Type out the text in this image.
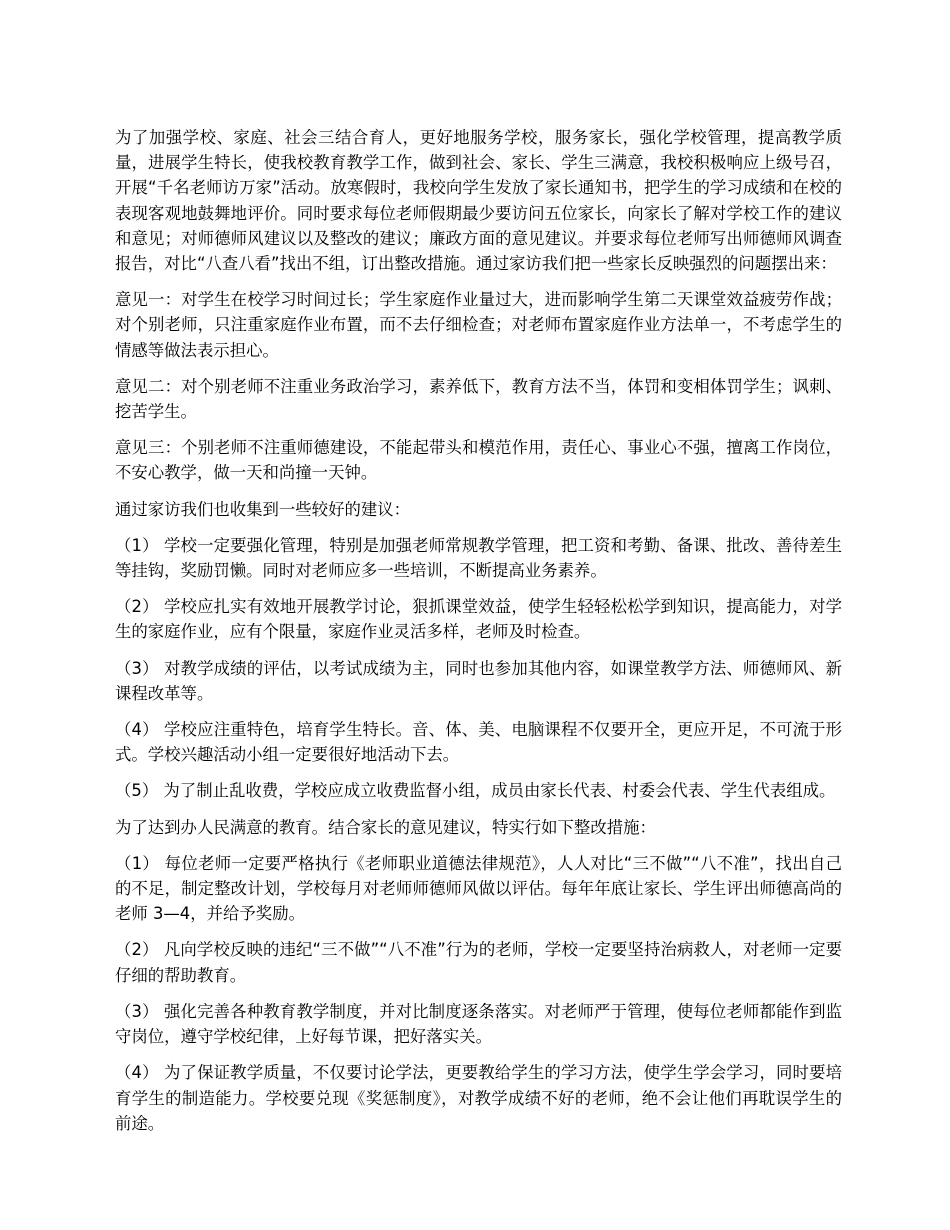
为了加强学校、家庭、社会三结合育人，更好地服务学校，服务家长，强化学校管理，提高教学质量，进展学生特长，使我校教育教学工作，做到社会、家长、学生三满意，我校积极响应上级号召，开展“千名老师访万家”活动。放寒假时，我校向学生发放了家长通知书，把学生的学习成绩和在校的表现客观地鼓舞地评价。同时要求每位老师假期最少要访问五位家长，向家长了解对学校工作的建议和意见；对师德师风建议以及整改的建议；廉政方面的意见建议。并要求每位老师写出师德师风调查报告，对比“八查八看”找出不组，订出整改措施。通过家访我们把一些家长反映强烈的问题摆出来：

意见一：对学生在校学习时间过长；学生家庭作业量过大，进而影响学生第二天课堂效益疲劳作战；对个别老师，只注重家庭作业布置，而不去仔细检查；对老师布置家庭作业方法单一，不考虑学生的情感等做法表示担心。

意见二：对个别老师不注重业务政治学习，素养低下，教育方法不当，体罚和变相体罚学生；讽刺、挖苦学生。

意见三：个别老师不注重师德建设，不能起带头和模范作用，责任心、事业心不强，擅离工作岗位，不安心教学，做一天和尚撞一天钟。

通过家访我们也收集到一些较好的建议：

（1） 学校一定要强化管理，特别是加强老师常规教学管理，把工资和考勤、备课、批改、善待差生等挂钩，奖励罚懒。同时对老师应多一些培训，不断提高业务素养。

（2） 学校应扎实有效地开展教学讨论，狠抓课堂效益，使学生轻轻松松学到知识，提高能力，对学生的家庭作业，应有个限量，家庭作业灵活多样，老师及时检查。

（3） 对教学成绩的评估，以考试成绩为主，同时也参加其他内容，如课堂教学方法、师德师风、新课程改革等。

（4） 学校应注重特色，培育学生特长。音、体、美、电脑课程不仅要开全，更应开足，不可流于形式。学校兴趣活动小组一定要很好地活动下去。

（5） 为了制止乱收费，学校应成立收费监督小组，成员由家长代表、村委会代表、学生代表组成。

为了达到办人民满意的教育。结合家长的意见建议，特实行如下整改措施：

（1） 每位老师一定要严格执行《老师职业道德法律规范》，人人对比“三不做”“八不准”，找出自己的不足，制定整改计划，学校每月对老师师德师风做以评估。每年年底让家长、学生评出师德高尚的老师 3—4，并给予奖励。

（2） 凡向学校反映的违纪“三不做”“八不准”行为的老师，学校一定要坚持治病救人，对老师一定要仔细的帮助教育。

（3） 强化完善各种教育教学制度，并对比制度逐条落实。对老师严于管理，使每位老师都能作到监守岗位，遵守学校纪律，上好每节课，把好落实关。

（4） 为了保证教学质量，不仅要讨论学法，更要教给学生的学习方法，使学生学会学习，同时要培育学生的制造能力。学校要兑现《奖惩制度》，对教学成绩不好的老师，绝不会让他们再耽误学生的前途。
